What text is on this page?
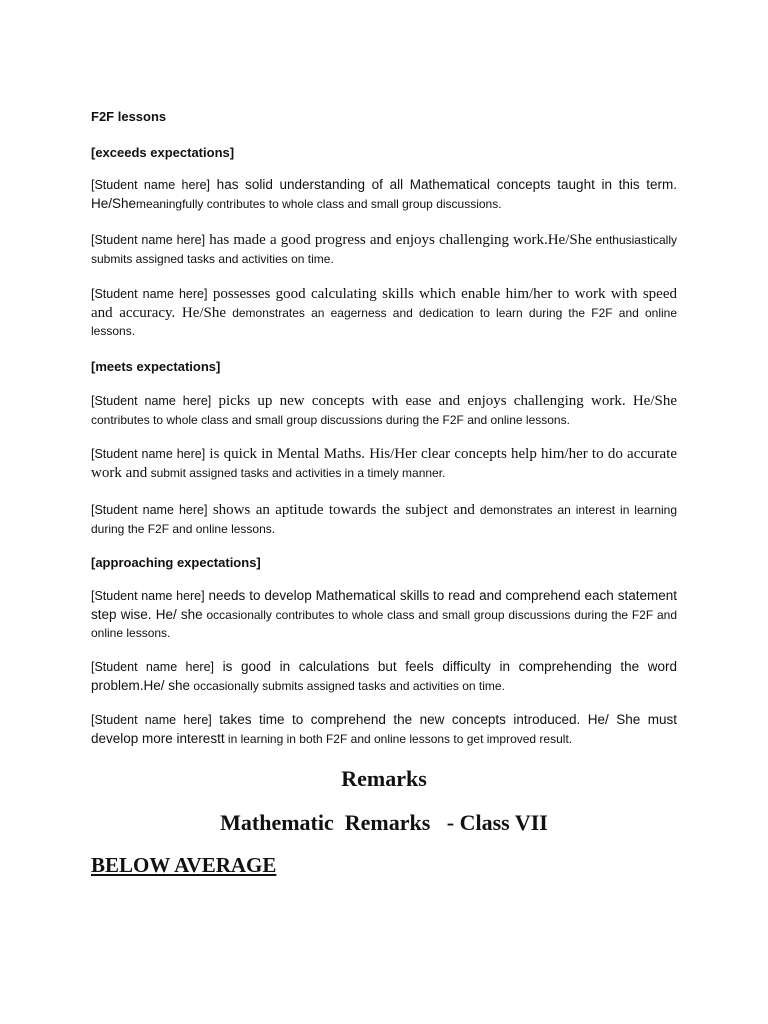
F2F lessons
[exceeds expectations]
[Student name here] has solid understanding of all Mathematical concepts taught in this term. He/Shemeaningfully contributes to whole class and small group discussions.
[Student name here] has made a good progress and enjoys challenging work.He/She enthusiastically submits assigned tasks and activities on time.
[Student name here] possesses good calculating skills which enable him/her to work with speed and accuracy. He/She demonstrates an eagerness and dedication to learn during the F2F and online lessons.
[meets expectations]
[Student name here] picks up new concepts with ease and enjoys challenging work. He/She contributes to whole class and small group discussions during the F2F and online lessons.
[Student name here] is quick in Mental Maths. His/Her clear concepts help him/her to do accurate work and submit assigned tasks and activities in a timely manner.
[Student name here] shows an aptitude towards the subject and demonstrates an interest in learning during the F2F and online lessons.
[approaching expectations]
[Student name here] needs to develop Mathematical skills to read and comprehend each statement step wise. He/ she occasionally contributes to whole class and small group discussions during the F2F and online lessons.
[Student name here] is good in calculations but feels difficulty in comprehending the word problem.He/ she occasionally submits assigned tasks and activities on time.
[Student name here] takes time to comprehend the new concepts introduced. He/ She must develop more interestt in learning in both F2F and online lessons to get improved result.
Remarks
Mathematic  Remarks   - Class VII
BELOW AVERAGE
